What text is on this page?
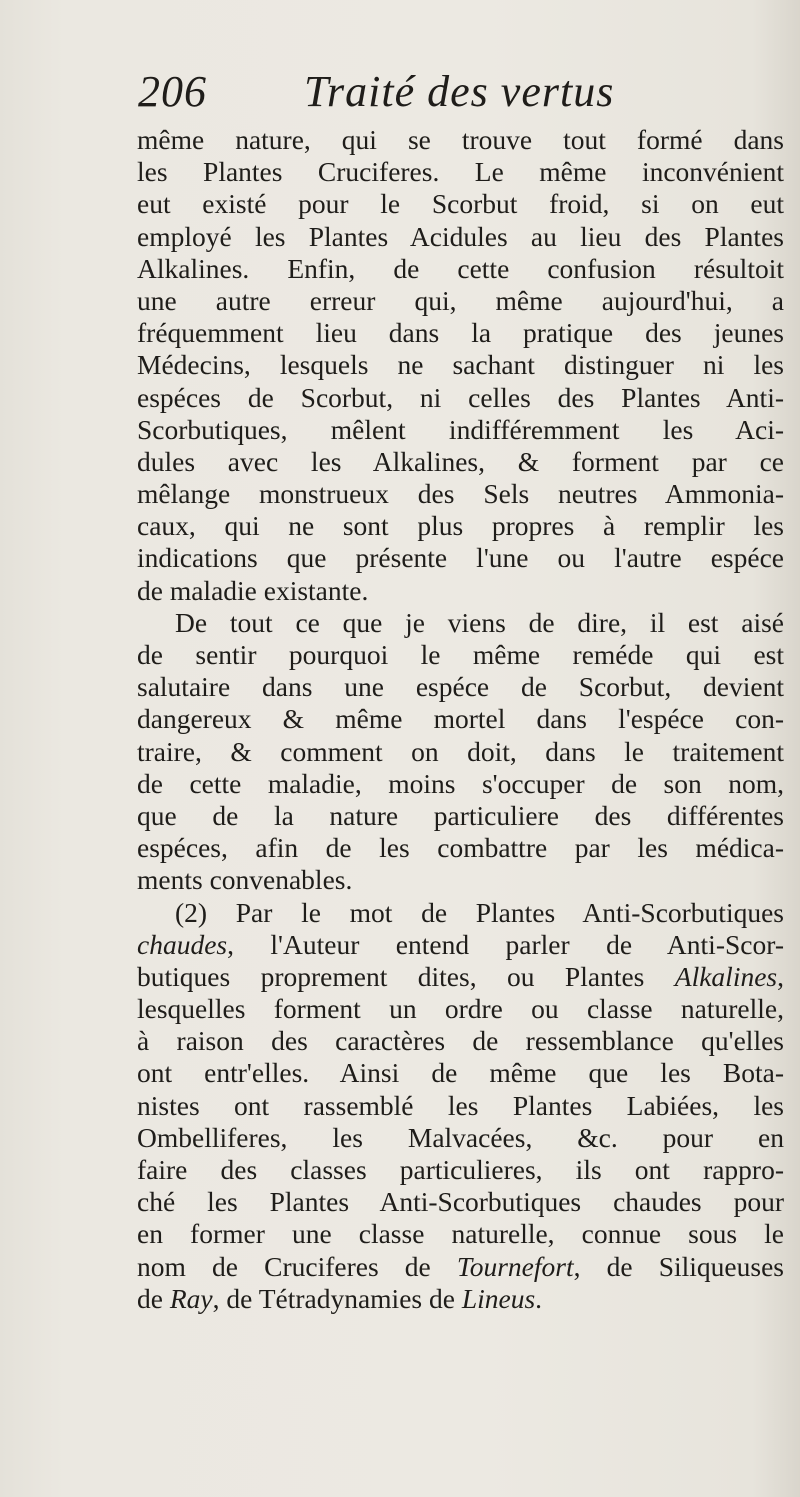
206 Traité des vertus
même nature, qui se trouve tout formé dans
les Plantes Cruciferes. Le même inconvénient
eut existé pour le Scorbut froid, si on eut
employé les Plantes Acidules au lieu des Plantes
Alkalines. Enfin, de cette confusion résultoit
une autre erreur qui, même aujourd'hui, a
fréquemment lieu dans la pratique des jeunes
Médecins, lesquels ne sachant distinguer ni les
espéces de Scorbut, ni celles des Plantes Anti-
Scorbutiques, mêlent indifféremment les Aci-
dules avec les Alkalines, & forment par ce
mêlange monstrueux des Sels neutres Ammonia-
caux, qui ne sont plus propres à remplir les
indications que présente l'une ou l'autre espéce
de maladie existante.
De tout ce que je viens de dire, il est aisé
de sentir pourquoi le même reméde qui est
salutaire dans une espéce de Scorbut, devient
dangereux & même mortel dans l'espéce con-
traire, & comment on doit, dans le traitement
de cette maladie, moins s'occuper de son nom,
que de la nature particuliere des différentes
espéces, afin de les combattre par les médica-
ments convenables.
(2) Par le mot de Plantes Anti-Scorbutiques
chaudes, l'Auteur entend parler de Anti-Scor-
butiques proprement dites, ou Plantes Alkalines,
lesquelles forment un ordre ou classe naturelle,
à raison des caractères de ressemblance qu'elles
ont entr'elles. Ainsi de même que les Bota-
nistes ont rassemblé les Plantes Labiées, les
Ombelliferes, les Malvacées, &c. pour en
faire des classes particulieres, ils ont rappro-
ché les Plantes Anti-Scorbutiques chaudes pour
en former une classe naturelle, connue sous le
nom de Cruciferes de Tournefort, de Siliqueuses
de Ray, de Tétradynamies de Lineus.
